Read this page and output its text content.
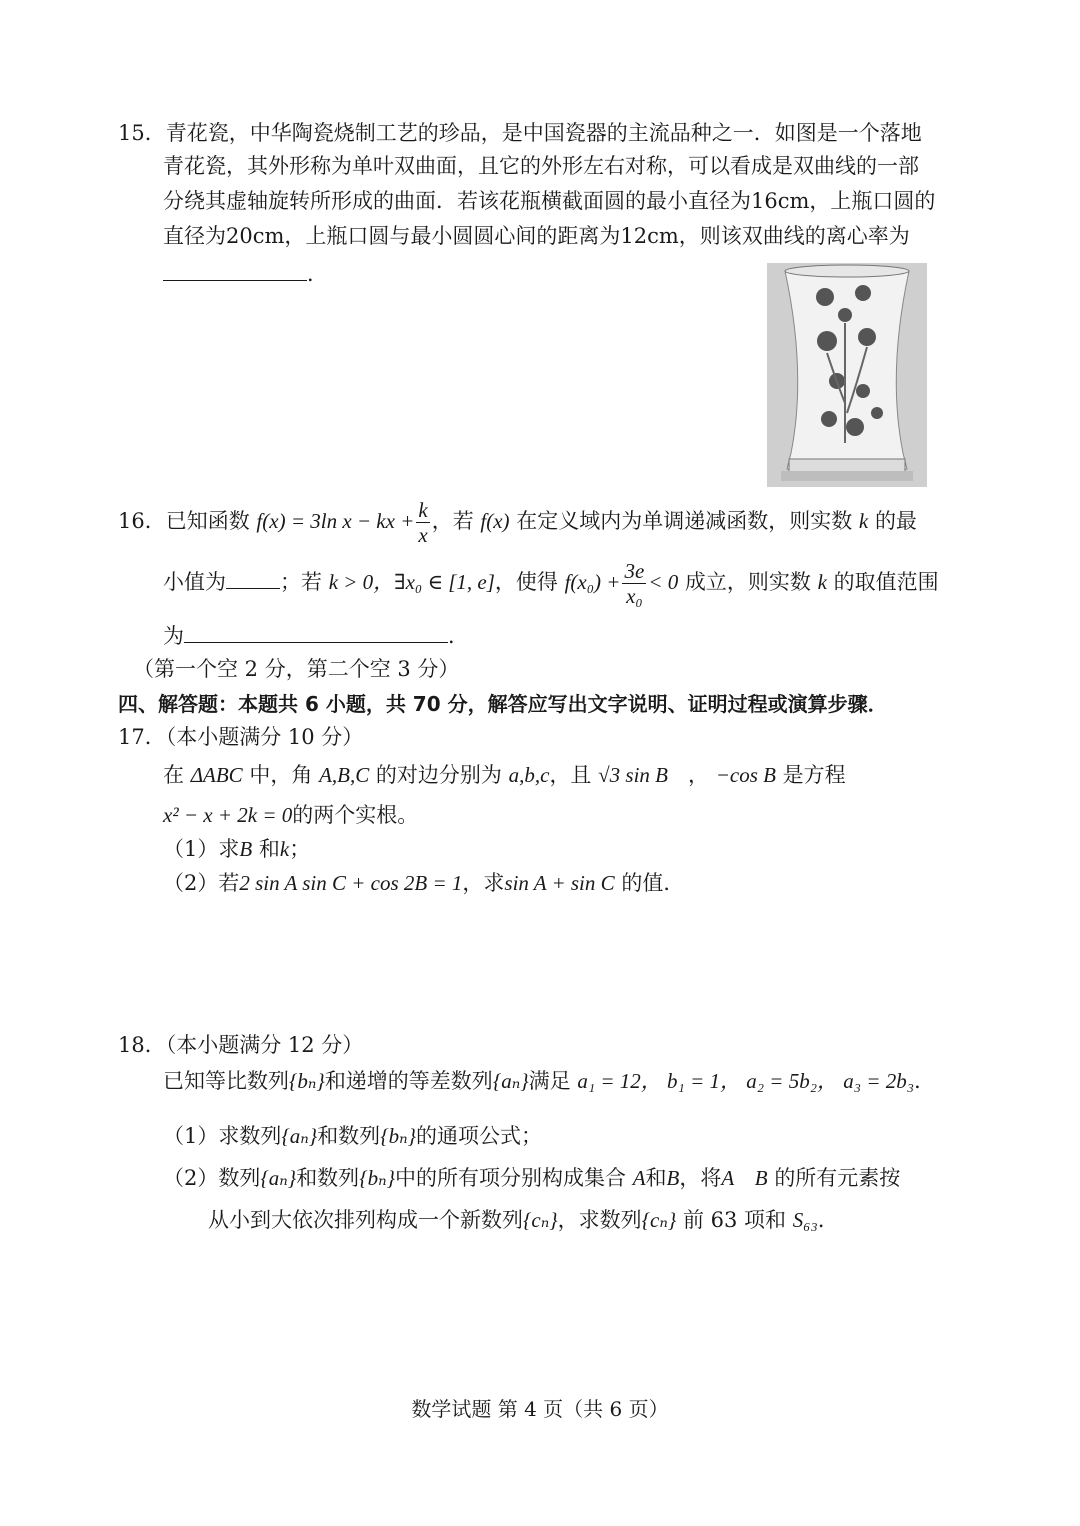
15．青花瓷，中华陶瓷烧制工艺的珍品，是中国瓷器的主流品种之一．如图是一个落地
青花瓷，其外形称为单叶双曲面，且它的外形左右对称，可以看成是双曲线的一部
分绕其虚轴旋转所形成的曲面．若该花瓶横截面圆的最小直径为16cm，上瓶口圆的
直径为20cm，上瓶口圆与最小圆圆心间的距离为12cm，则该双曲线的离心率为
．
16．已知函数 f(x) = 3ln x − kx + $\frac{k}{x}$ ，若 f(x) 在定义域内为单调递减函数，则实数 k 的最
小值为	；若 k > 0，∃x₀ ∈ [1, e]，使得 $f(x_0) + \frac{3e}{\text{x₀}} < 0$ 成立，则实数 k 的取值范围
为	．
（第一个空 2 分，第二个空 3 分）
四、解答题：本题共 6 小题，共 70 分，解答应写出文字说明、证明过程或演算步骤．
17．（本小题满分 10 分）
在 ΔABC 中，角 A,B,C 的对边分别为 a,b,c，且 √3 sin B ， −cos B 是方程
x² − x + 2k = 0的两个实根。
（1）求B 和k；
（2）若2 sin A sin C + cos 2B = 1，求sin A + sin C 的值．
18．（本小题满分 12 分）
已知等比数列{bₙ}和递增的等差数列{aₙ}满足 a₁ = 12， b₁ = 1， a₂ = 5b₂， a₃ = 2b₃．
（1）求数列{aₙ}和数列{bₙ}的通项公式；
（2）数列{aₙ}和数列{bₙ}中的所有项分别构成集合 A和B，将A    B 的所有元素按
从小到大依次排列构成一个新数列{cₙ}，求数列{cₙ} 前 63 项和 S₆₃．
数学试题 第 4 页（共 6 页）
